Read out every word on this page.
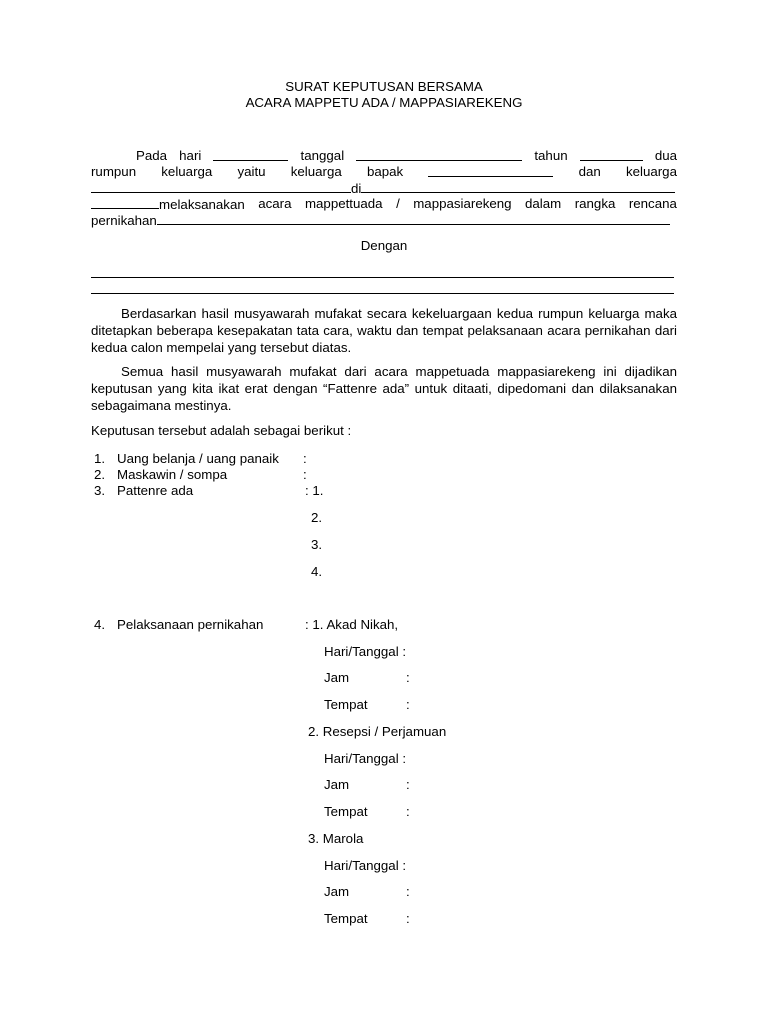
SURAT KEPUTUSAN BERSAMA
ACARA MAPPETU ADA / MAPPASIAREKENG
Pada hari	tanggal	tahun	dua
rumpun keluarga yaitu keluarga bapak	dan keluarga
di
melaksanakan acara mappettuada / mappasiarekeng dalam rangka rencana
pernikahan
Dengan
Berdasarkan hasil musyawarah mufakat secara kekeluargaan kedua rumpun keluarga maka ditetapkan beberapa kesepakatan tata cara, waktu dan tempat pelaksanaan acara pernikahan dari kedua calon mempelai yang tersebut diatas.
Semua hasil musyawarah mufakat dari acara mappetuada mappasiarekeng ini dijadikan keputusan yang kita ikat erat dengan “Fattenre ada” untuk ditaati, dipedomani dan dilaksanakan sebagaimana mestinya.
Keputusan tersebut adalah sebagai berikut :
1. Uang belanja / uang panaik :
2. Maskawin / sompa	:
3. Pattenre ada	: 1.
2.
3.
4.
4. Pelaksanaan pernikahan	: 1. Akad Nikah,
Hari/Tanggal :
Jam	:
Tempat	:
2. Resepsi / Perjamuan
Hari/Tanggal :
Jam	:
Tempat	:
3. Marola
Hari/Tanggal :
Jam	:
Tempat	:
